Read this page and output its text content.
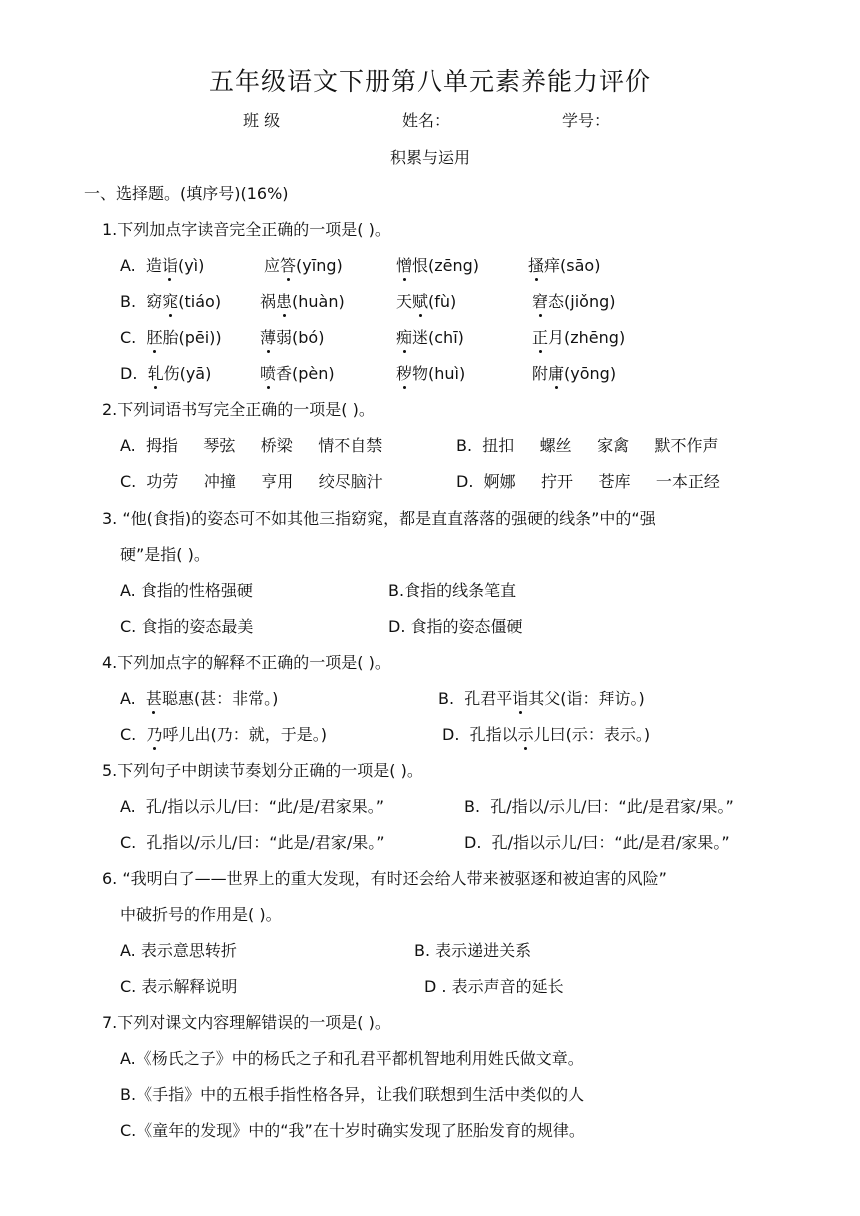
五年级语文下册第八单元素养能力评价
班 级	姓名：	学号：
积累与运用
一、选择题。(填序号)(16%)
1.下列加点字读音完全正确的一项是( )。
A. 造诣(yì)	应答(yīng)	憎恨(zēng)	搔痒(sāo)
B. 窈窕(tiáo) 祸患(huàn)	天赋(fù)	窘态(jiǒng)
C. 胚胎(pēi)) 薄弱(bó)	痴迷(chī)	正月(zhēng)
D. 轧伤(yā)	喷香(pèn)	秽物(huì)	附庸(yōng)
2.下列词语书写完全正确的一项是( )。
A.  拇指     琴弦     桥梁     情不自禁	B.  扭扣     螺丝     家禽     默不作声
C.  功劳     冲撞     亨用     绞尽脑汁	D.  婀娜     拧开     苍库     一本正经
3. “他(食指)的姿态可不如其他三指窈窕，都是直直落落的强硬的线条”中的“强
硬”是指( )。
A. 食指的性格强硬	B.食指的线条笔直
C. 食指的姿态最美	D. 食指的姿态僵硬
4.下列加点字的解释不正确的一项是( )。
A.  甚聪惠(甚：非常。)	B.  孔君平诣其父(诣：拜访。)
C.  乃呼儿出(乃：就，于是。)	D.  孔指以示儿曰(示：表示。)
5.下列句子中朗读节奏划分正确的一项是( )。
A.  孔/指以示儿/曰：“此/是/君家果。”	B.  孔/指以/示儿/曰：“此/是君家/果。”
C.  孔指以/示儿/曰：“此是/君家/果。”	D.  孔/指以示儿/曰：“此/是君/家果。”
6. “我明白了——世界上的重大发现，有时还会给人带来被驱逐和被迫害的风险”
中破折号的作用是( )。
A. 表示意思转折	B. 表示递进关系
C. 表示解释说明	D . 表示声音的延长
7.下列对课文内容理解错误的一项是( )。
A.《杨氏之子》中的杨氏之子和孔君平都机智地利用姓氏做文章。
B.《手指》中的五根手指性格各异，让我们联想到生活中类似的人
C.《童年的发现》中的“我”在十岁时确实发现了胚胎发育的规律。
